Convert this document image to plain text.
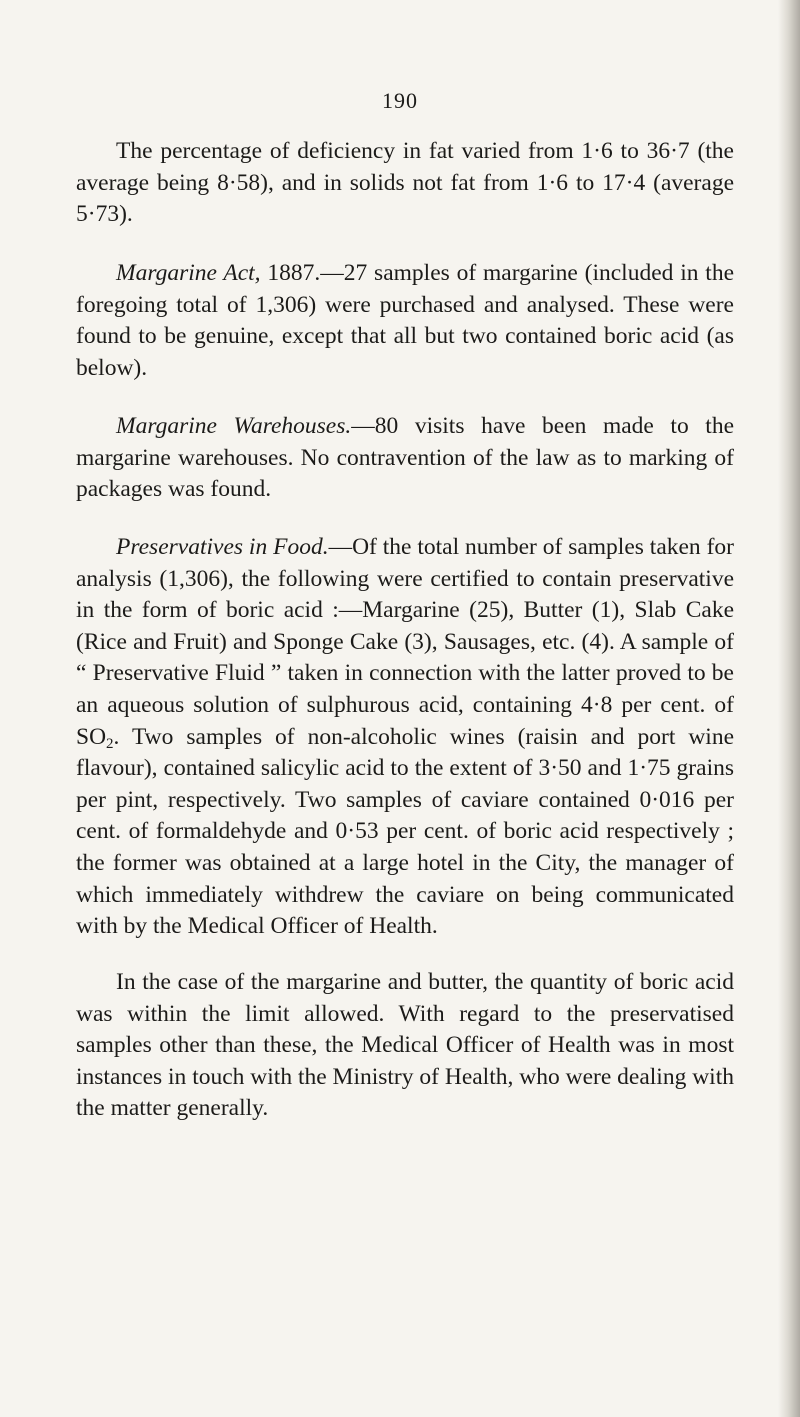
190

The percentage of deficiency in fat varied from 1·6 to 36·7 (the average being 8·58), and in solids not fat from 1·6 to 17·4 (average 5·73).

Margarine Act, 1887.—27 samples of margarine (included in the foregoing total of 1,306) were purchased and analysed. These were found to be genuine, except that all but two contained boric acid (as below).

Margarine Warehouses.—80 visits have been made to the margarine warehouses. No contravention of the law as to marking of packages was found.

Preservatives in Food.—Of the total number of samples taken for analysis (1,306), the following were certified to contain preservative in the form of boric acid :—Margarine (25), Butter (1), Slab Cake (Rice and Fruit) and Sponge Cake (3), Sausages, etc. (4). A sample of “ Preservative Fluid ” taken in connection with the latter proved to be an aqueous solution of sulphurous acid, containing 4·8 per cent. of $SO_2$. Two samples of non-alcoholic wines (raisin and port wine flavour), contained salicylic acid to the extent of 3·50 and 1·75 grains per pint, respectively. Two samples of caviare contained 0·016 per cent. of formaldehyde and 0·53 per cent. of boric acid respectively ; the former was obtained at a large hotel in the City, the manager of which immediately withdrew the caviare on being communicated with by the Medical Officer of Health.

In the case of the margarine and butter, the quantity of boric acid was within the limit allowed. With regard to the preservatised samples other than these, the Medical Officer of Health was in most instances in touch with the Ministry of Health, who were dealing with the matter generally.
